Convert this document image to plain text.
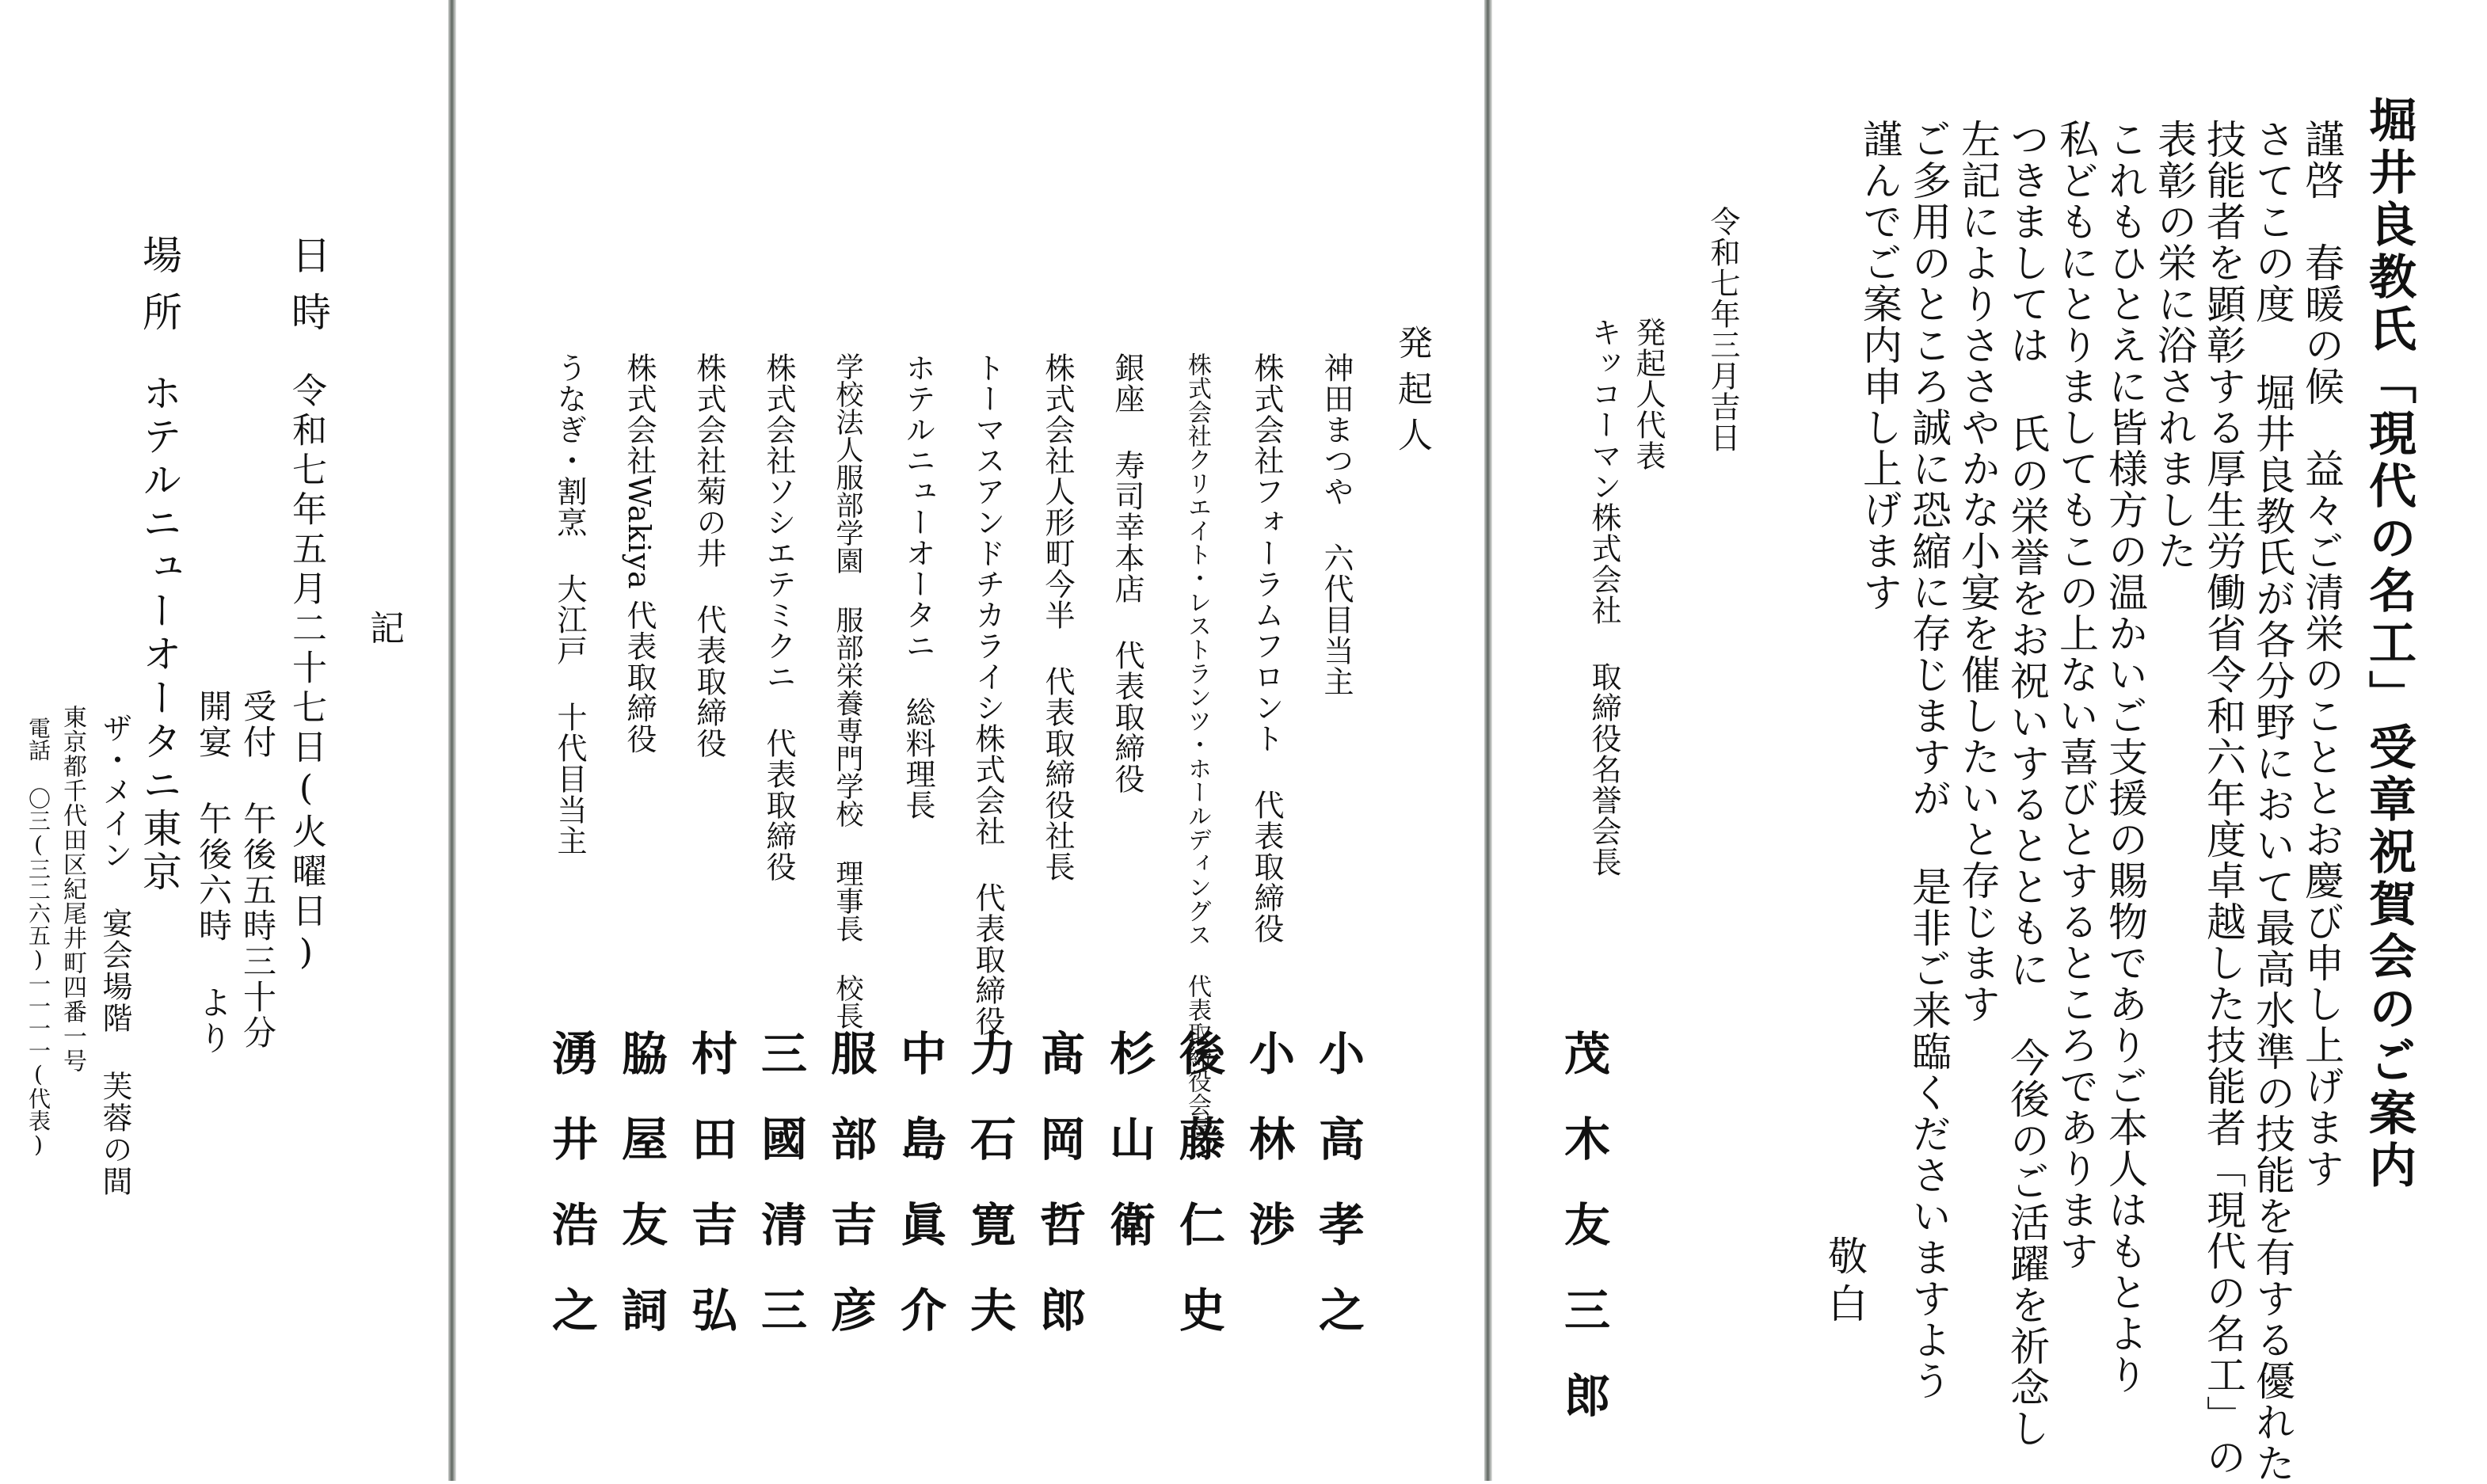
堀井良教氏「現代の名工」受章祝賀会のご案内
謹啓　春暖の候　益々ご清栄のこととお慶び申し上げます
さてこの度 堀井良教氏が各分野において最高水準の技能を有する優れた
技能者を顕彰する厚生労働省令和六年度卓越した技能者「現代の名工」の
表彰の栄に浴されました
これもひとえに皆様方の温かいご支援の賜物でありご本人はもとより
私どもにとりましてもこの上ない喜びとするところであります
つきましては 氏の栄誉をお祝いするとともに 今後のご活躍を祈念し
左記によりささやかな小宴を催したいと存じます
ご多用のところ誠に恐縮に存じますが 是非ご来臨くださいますよう
謹んでご案内申し上げます
敬白
令和七年三月吉日
発起人代表
キッコーマン株式会社 取締役名誉会長
茂木友三郎
発起人
神田まつや 六代目当主
小高孝之
株式会社フォーラムフロント 代表取締役
小林渉
株式会社クリエイト・レストランツ・ホールディングス 代表取締役会長
後藤仁史
銀座 寿司幸本店 代表取締役
杉山衛
株式会社人形町今半 代表取締役社長
髙岡哲郎
トーマスアンドチカライシ株式会社 代表取締役
力石寛夫
ホテルニューオータニ 総料理長
中島眞介
学校法人服部学園 服部栄養専門学校 理事長 校長
服部吉彦
株式会社ソシエテミクニ 代表取締役
三國清三
株式会社菊の井 代表取締役
村田吉弘
株式会社Wakiya 代表取締役
脇屋友詞
うなぎ・割烹 大江戸 十代目当主
湧井浩之
記
日時
令和七年五月二十七日(火曜日)
受付 午後五時三十分
開宴 午後六時 より
場所
ホテルニューオータニ東京
ザ・メイン 宴会場階 芙蓉の間
東京都千代田区紀尾井町四番一号
電話 〇三(三二六五)一一一一(代表)
